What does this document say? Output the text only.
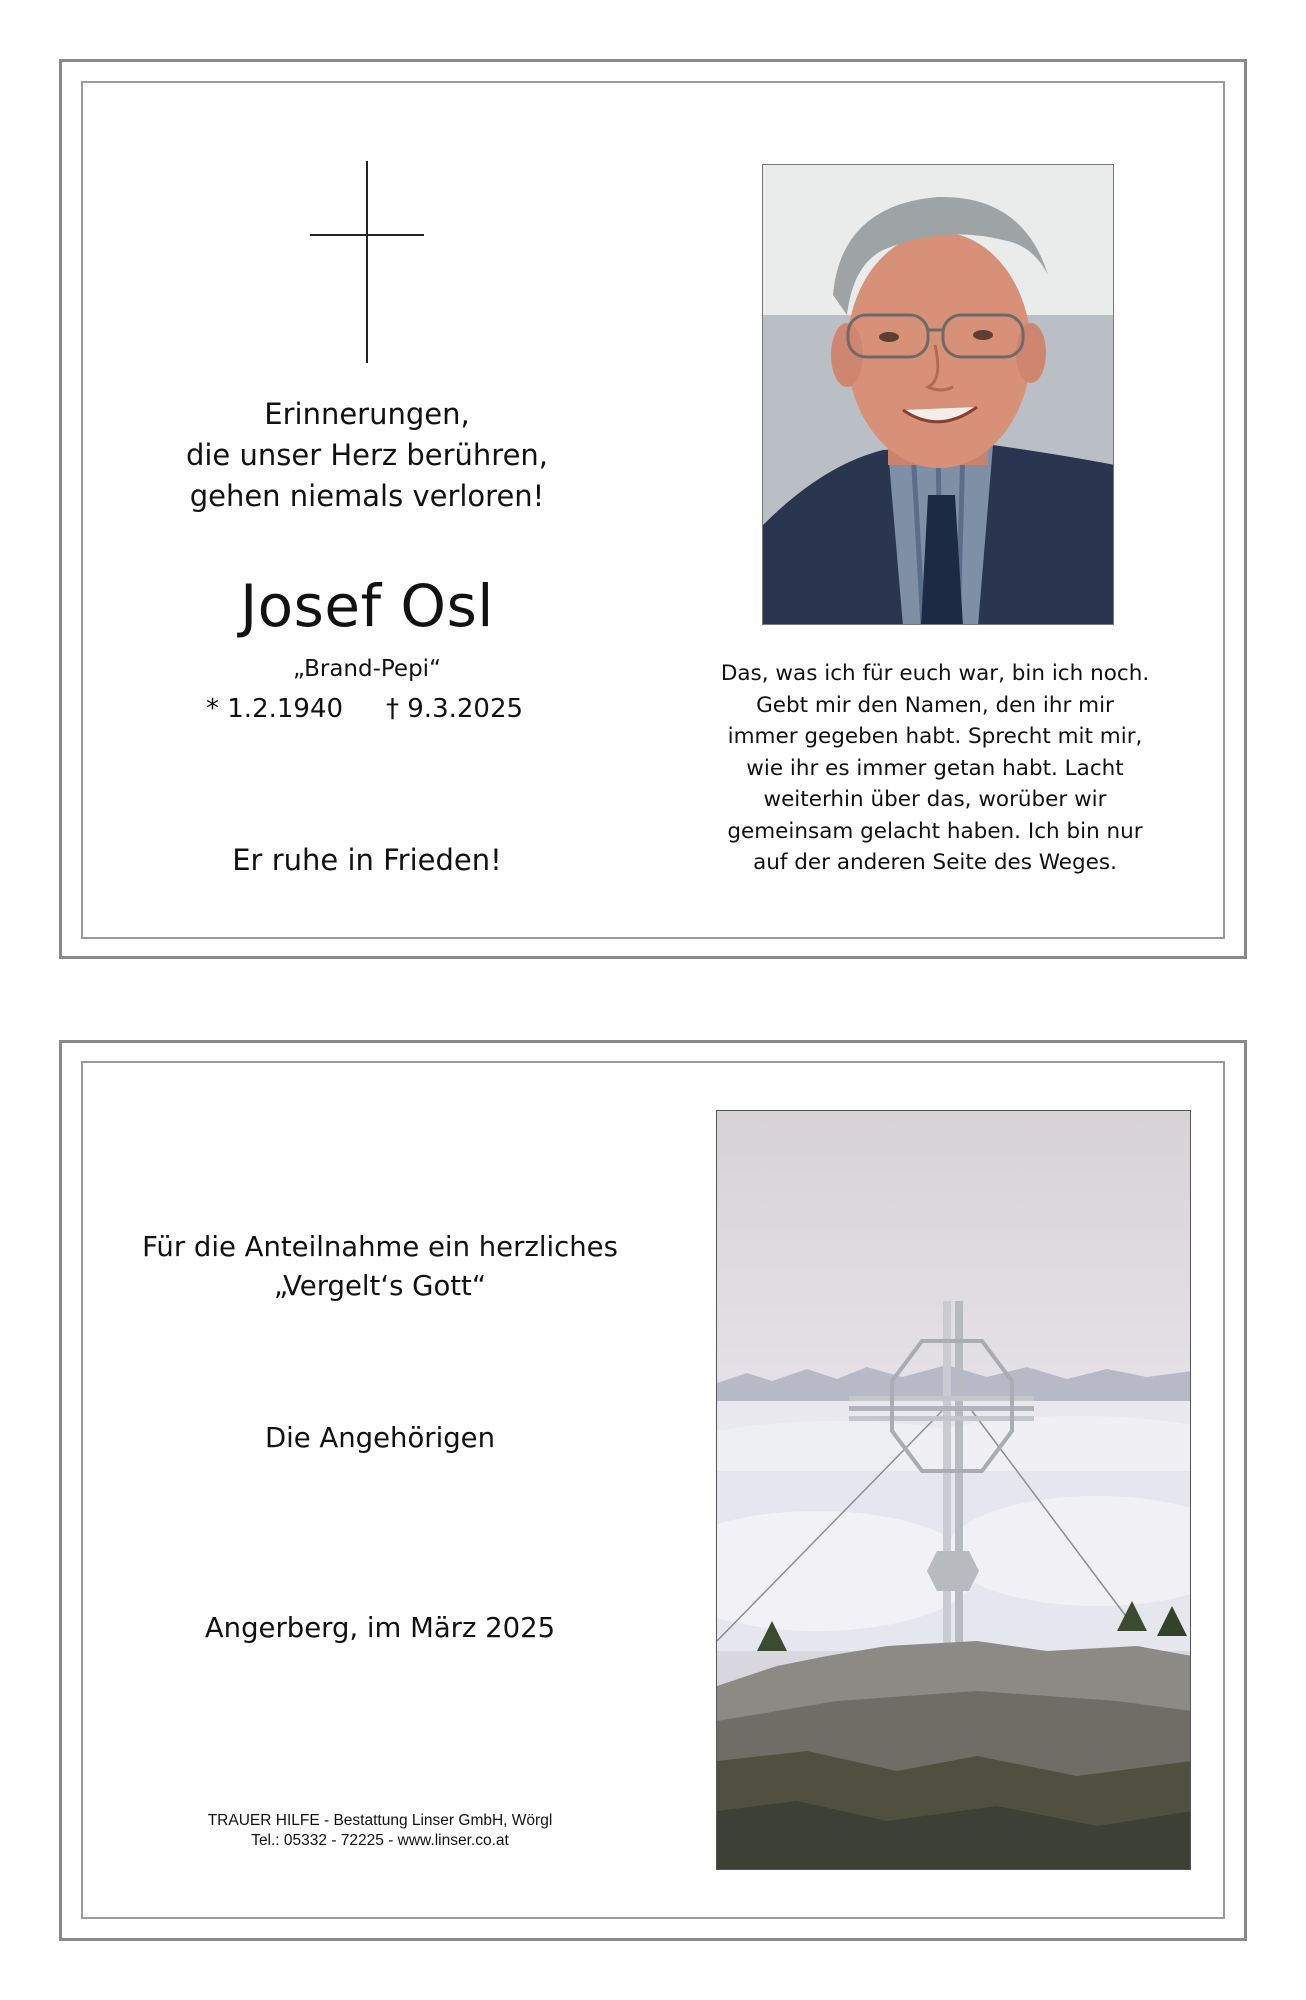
Erinnerungen,
die unser Herz berühren,
gehen niemals verloren!
Josef Osl
„Brand-Pepi“
* 1.2.1940 † 9.3.2025
Er ruhe in Frieden!
Das, was ich für euch war, bin ich noch.
Gebt mir den Namen, den ihr mir
immer gegeben habt. Sprecht mit mir,
wie ihr es immer getan habt. Lacht
weiterhin über das, worüber wir
gemeinsam gelacht haben. Ich bin nur
auf der anderen Seite des Weges.
Für die Anteilnahme ein herzliches
„Vergelt‘s Gott“
Die Angehörigen
Angerberg, im März 2025
TRAUER HILFE - Bestattung Linser GmbH, Wörgl
Tel.: 05332 - 72225 - www.linser.co.at
